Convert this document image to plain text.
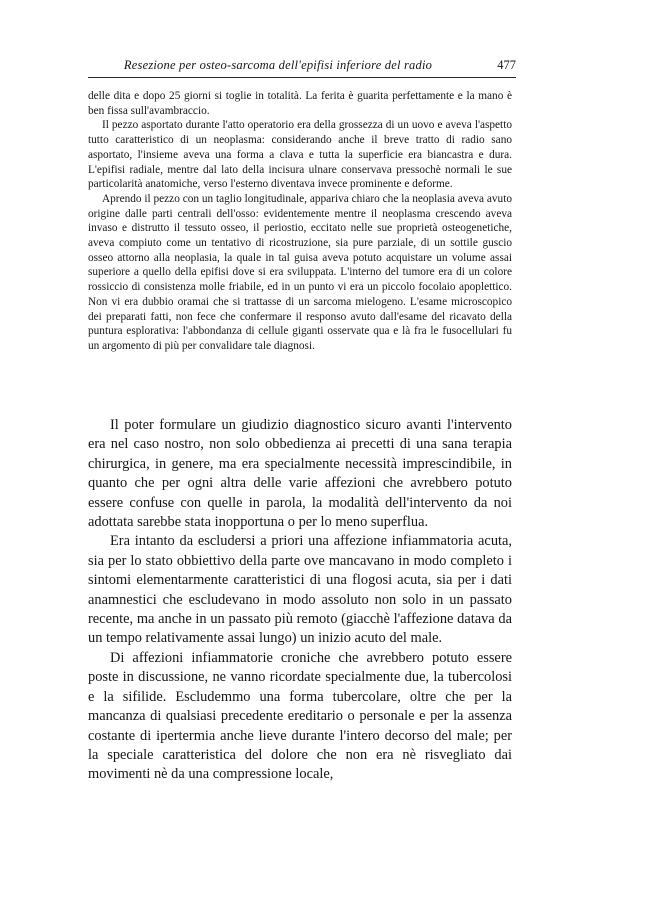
Resezione per osteo-sarcoma dell'epifisi inferiore del radio	477

delle dita e dopo 25 giorni si toglie in totalità. La ferita è guarita perfettamente e la mano è ben fissa sull'avambraccio.

Il pezzo asportato durante l'atto operatorio era della grossezza di un uovo e aveva l'aspetto tutto caratteristico di un neoplasma: considerando anche il breve tratto di radio sano asportato, l'insieme aveva una forma a clava e tutta la superficie era biancastra e dura. L'epifisi radiale, mentre dal lato della incisura ulnare conservava pressochè normali le sue particolarità anatomiche, verso l'esterno diventava invece prominente e deforme.

Aprendo il pezzo con un taglio longitudinale, appariva chiaro che la neoplasia aveva avuto origine dalle parti centrali dell'osso: evidentemente mentre il neoplasma crescendo aveva invaso e distrutto il tessuto osseo, il periostio, eccitato nelle sue proprietà osteogenetiche, aveva compiuto come un tentativo di ricostruzione, sia pure parziale, di un sottile guscio osseo attorno alla neoplasia, la quale in tal guisa aveva potuto acquistare un volume assai superiore a quello della epifisi dove si era sviluppata. L'interno del tumore era di un colore rossiccio di consistenza molle friabile, ed in un punto vi era un piccolo focolaio apoplettico. Non vi era dubbio oramai che si trattasse di un sarcoma mielogeno. L'esame microscopico dei preparati fatti, non fece che confermare il responso avuto dall'esame del ricavato della puntura esplorativa: l'abbondanza di cellule giganti osservate qua e là fra le fusocellulari fu un argomento di più per convalidare tale diagnosi.

Il poter formulare un giudizio diagnostico sicuro avanti l'intervento era nel caso nostro, non solo obbedienza ai precetti di una sana terapia chirurgica, in genere, ma era specialmente necessità imprescindibile, in quanto che per ogni altra delle varie affezioni che avrebbero potuto essere confuse con quelle in parola, la modalità dell'intervento da noi adottata sarebbe stata inopportuna o per lo meno superflua.

Era intanto da escludersi a priori una affezione infiammatoria acuta, sia per lo stato obbiettivo della parte ove mancavano in modo completo i sintomi elementarmente caratteristici di una flogosi acuta, sia per i dati anamnestici che escludevano in modo assoluto non solo in un passato recente, ma anche in un passato più remoto (giacchè l'affezione datava da un tempo relativamente assai lungo) un inizio acuto del male.

Di affezioni infiammatorie croniche che avrebbero potuto essere poste in discussione, ne vanno ricordate specialmente due, la tubercolosi e la sifilide. Escludemmo una forma tubercolare, oltre che per la mancanza di qualsiasi precedente ereditario o personale e per la assenza costante di ipertermia anche lieve durante l'intero decorso del male; per la speciale caratteristica del dolore che non era nè risvegliato dai movimenti nè da una compressione locale,
